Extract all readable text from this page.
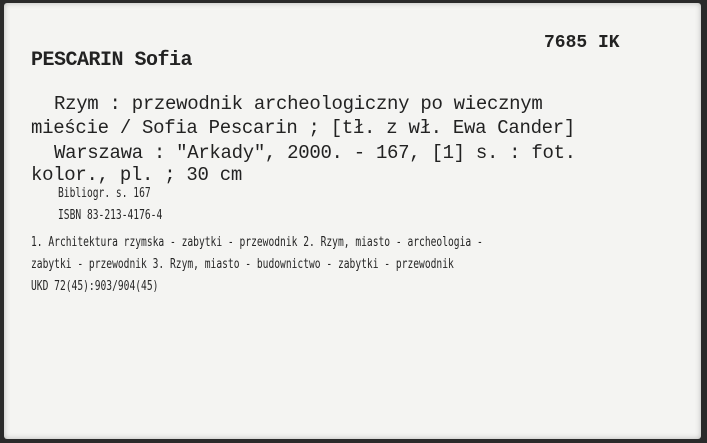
7685 IK
PESCARIN Sofia
Rzym : przewodnik archeologiczny po wiecznym
mieście / Sofia Pescarin ; [tł. z wł. Ewa Cander]
Warszawa : "Arkady", 2000. - 167, [1] s. : fot.
kolor., pl. ; 30 cm
Bibliogr. s. 167
ISBN 83-213-4176-4
1. Architektura rzymska - zabytki - przewodnik 2. Rzym, miasto - archeologia -
zabytki - przewodnik 3. Rzym, miasto - budownictwo - zabytki - przewodnik
UKD 72(45):903/904(45)
